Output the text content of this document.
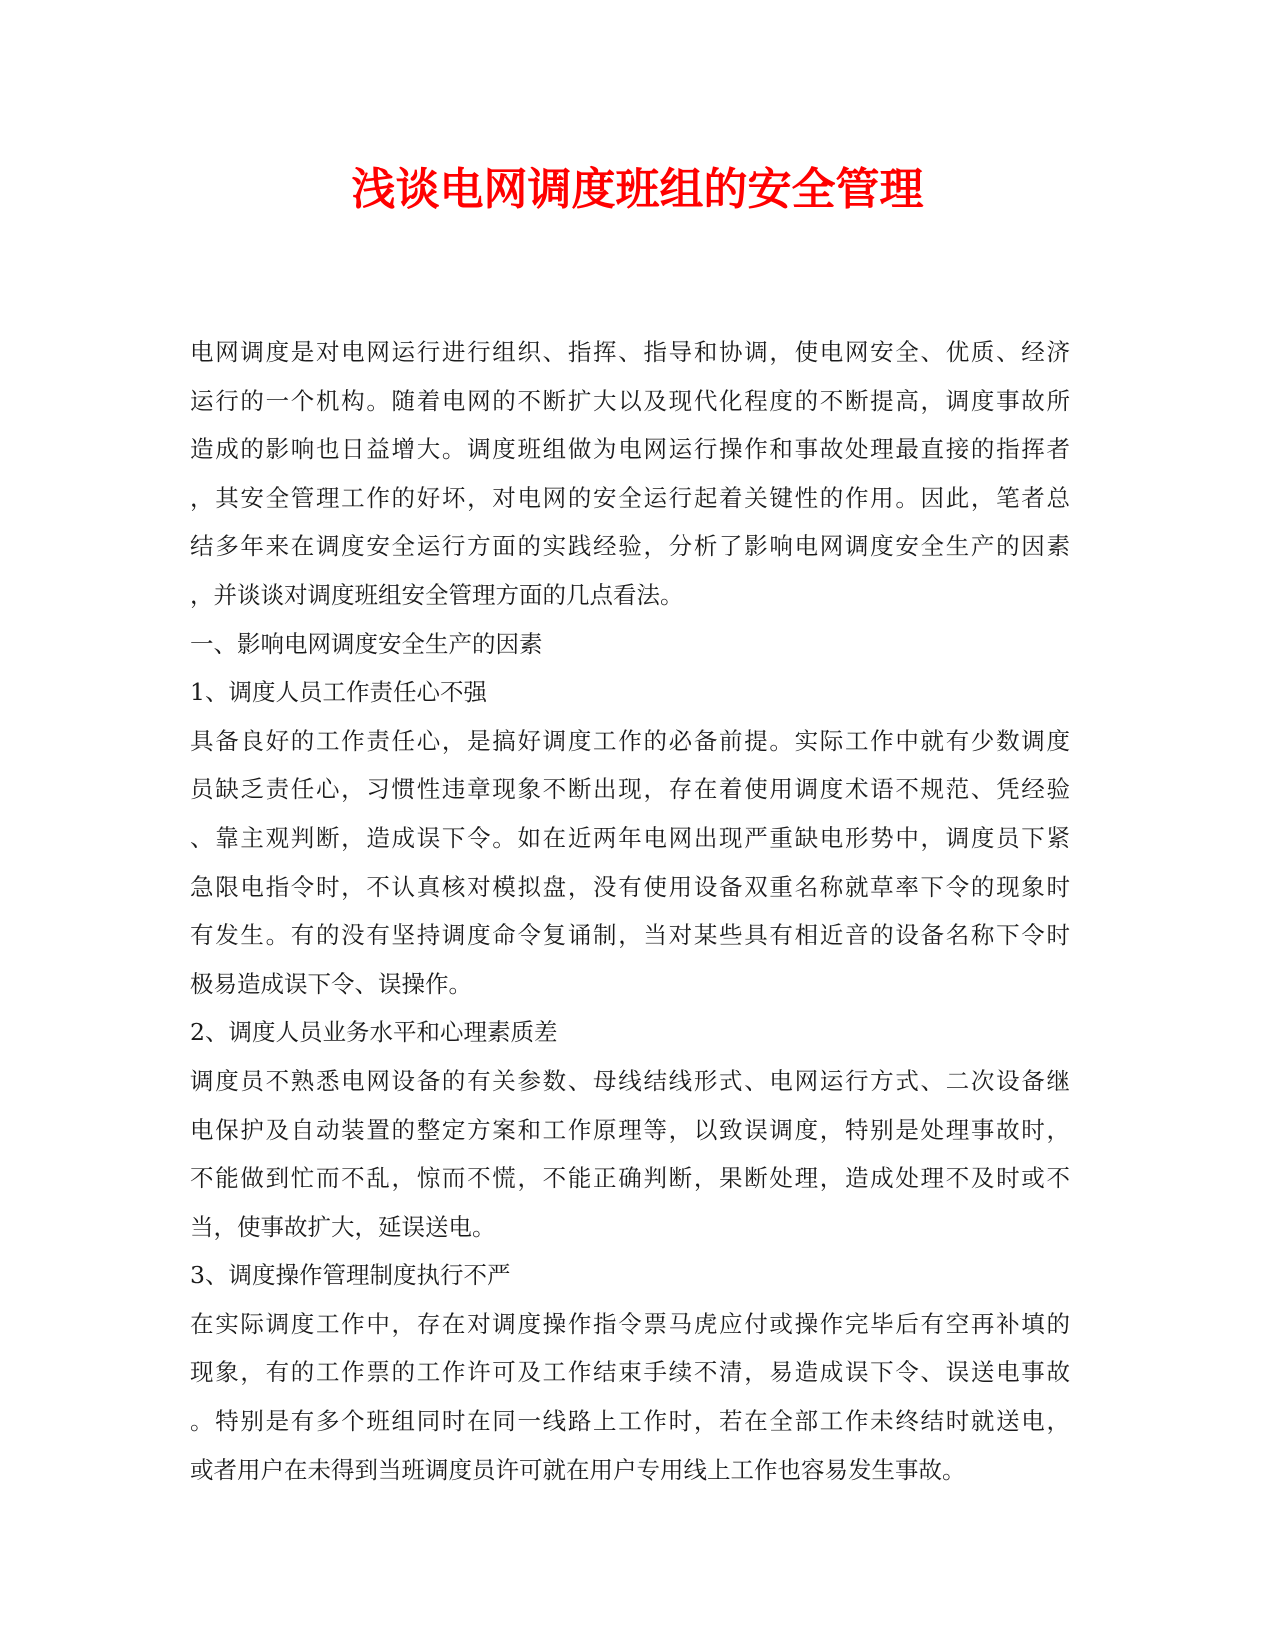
浅谈电网调度班组的安全管理
电网调度是对电网运行进行组织、指挥、指导和协调，使电网安全、优质、经济
运行的一个机构。随着电网的不断扩大以及现代化程度的不断提高，调度事故所
造成的影响也日益增大。调度班组做为电网运行操作和事故处理最直接的指挥者
，其安全管理工作的好坏，对电网的安全运行起着关键性的作用。因此，笔者总
结多年来在调度安全运行方面的实践经验，分析了影响电网调度安全生产的因素
，并谈谈对调度班组安全管理方面的几点看法。
一、影响电网调度安全生产的因素
1、调度人员工作责任心不强
具备良好的工作责任心，是搞好调度工作的必备前提。实际工作中就有少数调度
员缺乏责任心，习惯性违章现象不断出现，存在着使用调度术语不规范、凭经验
、靠主观判断，造成误下令。如在近两年电网出现严重缺电形势中，调度员下紧
急限电指令时，不认真核对模拟盘，没有使用设备双重名称就草率下令的现象时
有发生。有的没有坚持调度命令复诵制，当对某些具有相近音的设备名称下令时
极易造成误下令、误操作。
2、调度人员业务水平和心理素质差
调度员不熟悉电网设备的有关参数、母线结线形式、电网运行方式、二次设备继
电保护及自动装置的整定方案和工作原理等，以致误调度，特别是处理事故时，
不能做到忙而不乱，惊而不慌，不能正确判断，果断处理，造成处理不及时或不
当，使事故扩大，延误送电。
3、调度操作管理制度执行不严
在实际调度工作中，存在对调度操作指令票马虎应付或操作完毕后有空再补填的
现象，有的工作票的工作许可及工作结束手续不清，易造成误下令、误送电事故
。特别是有多个班组同时在同一线路上工作时，若在全部工作未终结时就送电，
或者用户在未得到当班调度员许可就在用户专用线上工作也容易发生事故。
